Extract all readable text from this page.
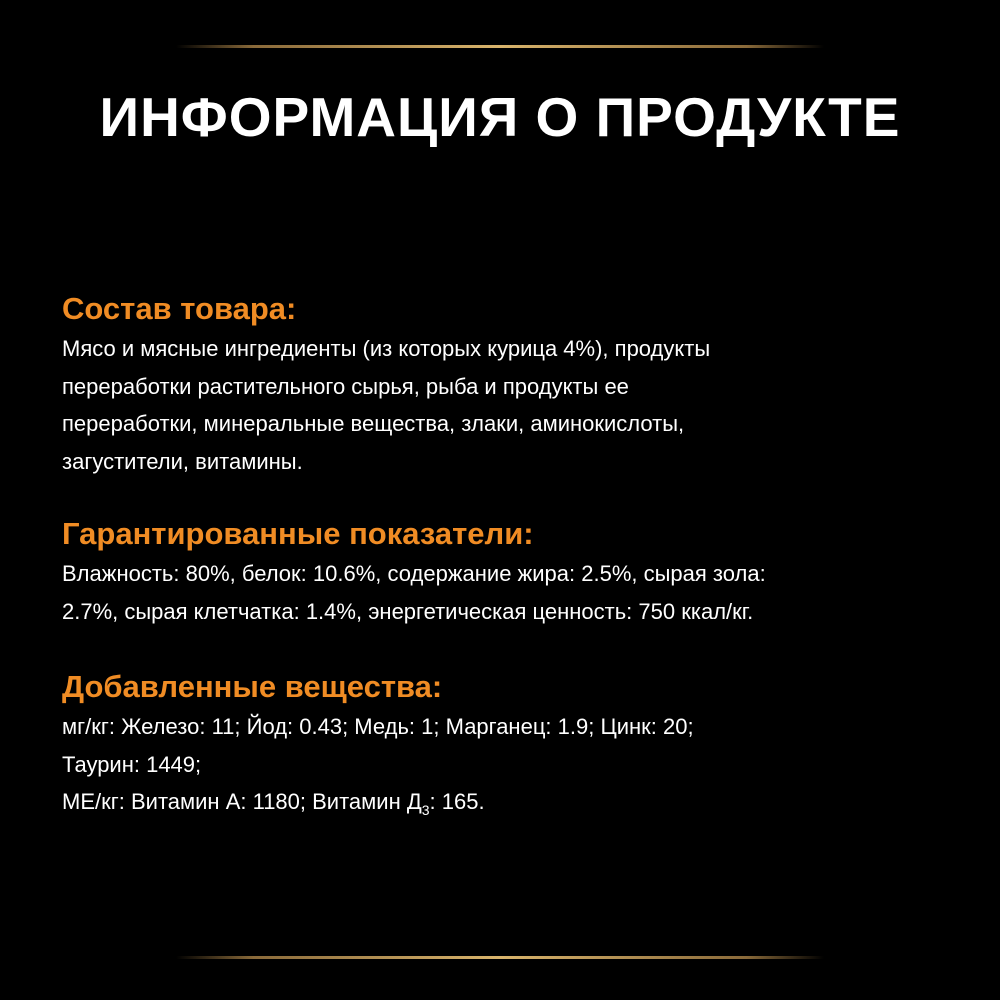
ИНФОРМАЦИЯ О ПРОДУКТЕ
Состав товара:
Мясо и мясные ингредиенты (из которых курица 4%), продукты
переработки растительного сырья, рыба и продукты ее
переработки, минеральные вещества, злаки, аминокислоты,
загустители, витамины.
Гарантированные показатели:
Влажность: 80%, белок: 10.6%, содержание жира: 2.5%, сырая зола:
2.7%, сырая клетчатка: 1.4%, энергетическая ценность: 750 ккал/кг.
Добавленные вещества:
мг/кг: Железо: 11; Йод: 0.43; Медь: 1; Марганец: 1.9; Цинк: 20;
Таурин: 1449;
МЕ/кг: Витамин А: 1180; Витамин $Д_3$: 165.
